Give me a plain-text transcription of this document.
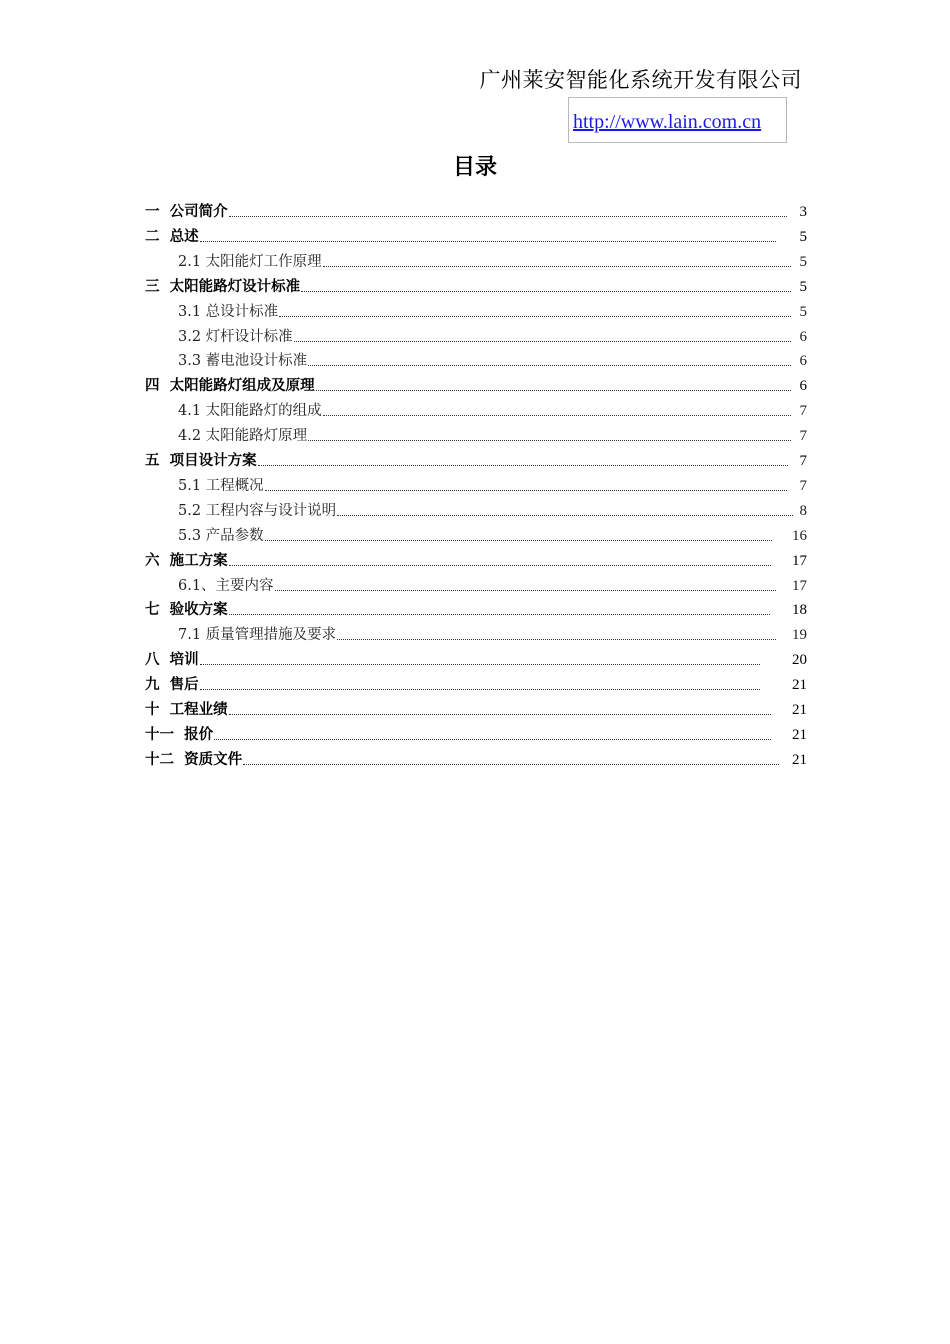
广州莱安智能化系统开发有限公司
http://www.lain.com.cn
目录
一  公司简介	3
二  总述	5
2.1 太阳能灯工作原理	5
三  太阳能路灯设计标准	5
3.1 总设计标准	5
3.2 灯杆设计标准	6
3.3 蓄电池设计标准	6
四  太阳能路灯组成及原理	6
4.1 太阳能路灯的组成	7
4.2 太阳能路灯原理	7
五  项目设计方案	7
5.1 工程概况	7
5.2 工程内容与设计说明	8
5.3 产品参数	16
六  施工方案	17
6.1、主要内容	17
七  验收方案	18
7.1 质量管理措施及要求	19
八  培训	20
九  售后	21
十  工程业绩	21
十一  报价	21
十二  资质文件	21
